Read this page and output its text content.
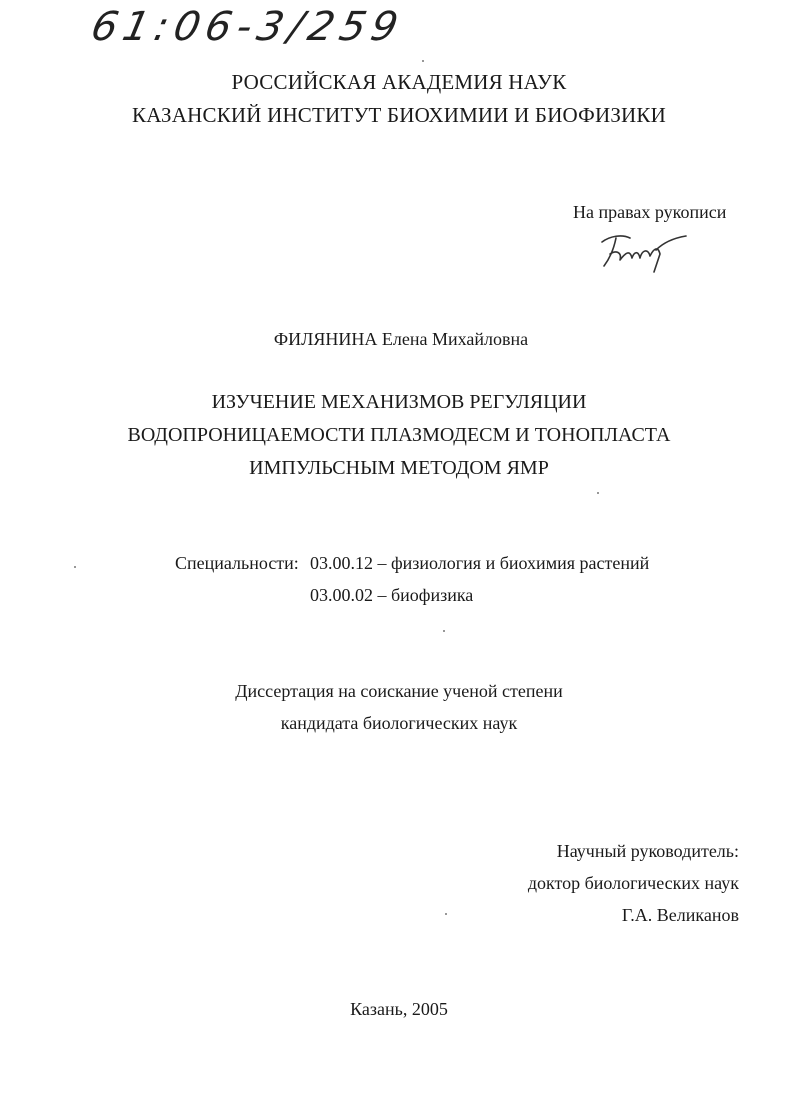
61:06-3/259
РОССИЙСКАЯ АКАДЕМИЯ НАУК
КАЗАНСКИЙ ИНСТИТУТ БИОХИМИИ И БИОФИЗИКИ
На правах рукописи
ФИЛЯНИНА Елена Михайловна
ИЗУЧЕНИЕ МЕХАНИЗМОВ РЕГУЛЯЦИИ
ВОДОПРОНИЦАЕМОСТИ ПЛАЗМОДЕСМ И ТОНОПЛАСТА
ИМПУЛЬСНЫМ МЕТОДОМ ЯМР
Специальности: 03.00.12 – физиология и биохимия растений
03.00.02 – биофизика
Диссертация на соискание ученой степени
кандидата биологических наук
Научный руководитель:
доктор биологических наук
Г.А. Великанов
Казань, 2005
